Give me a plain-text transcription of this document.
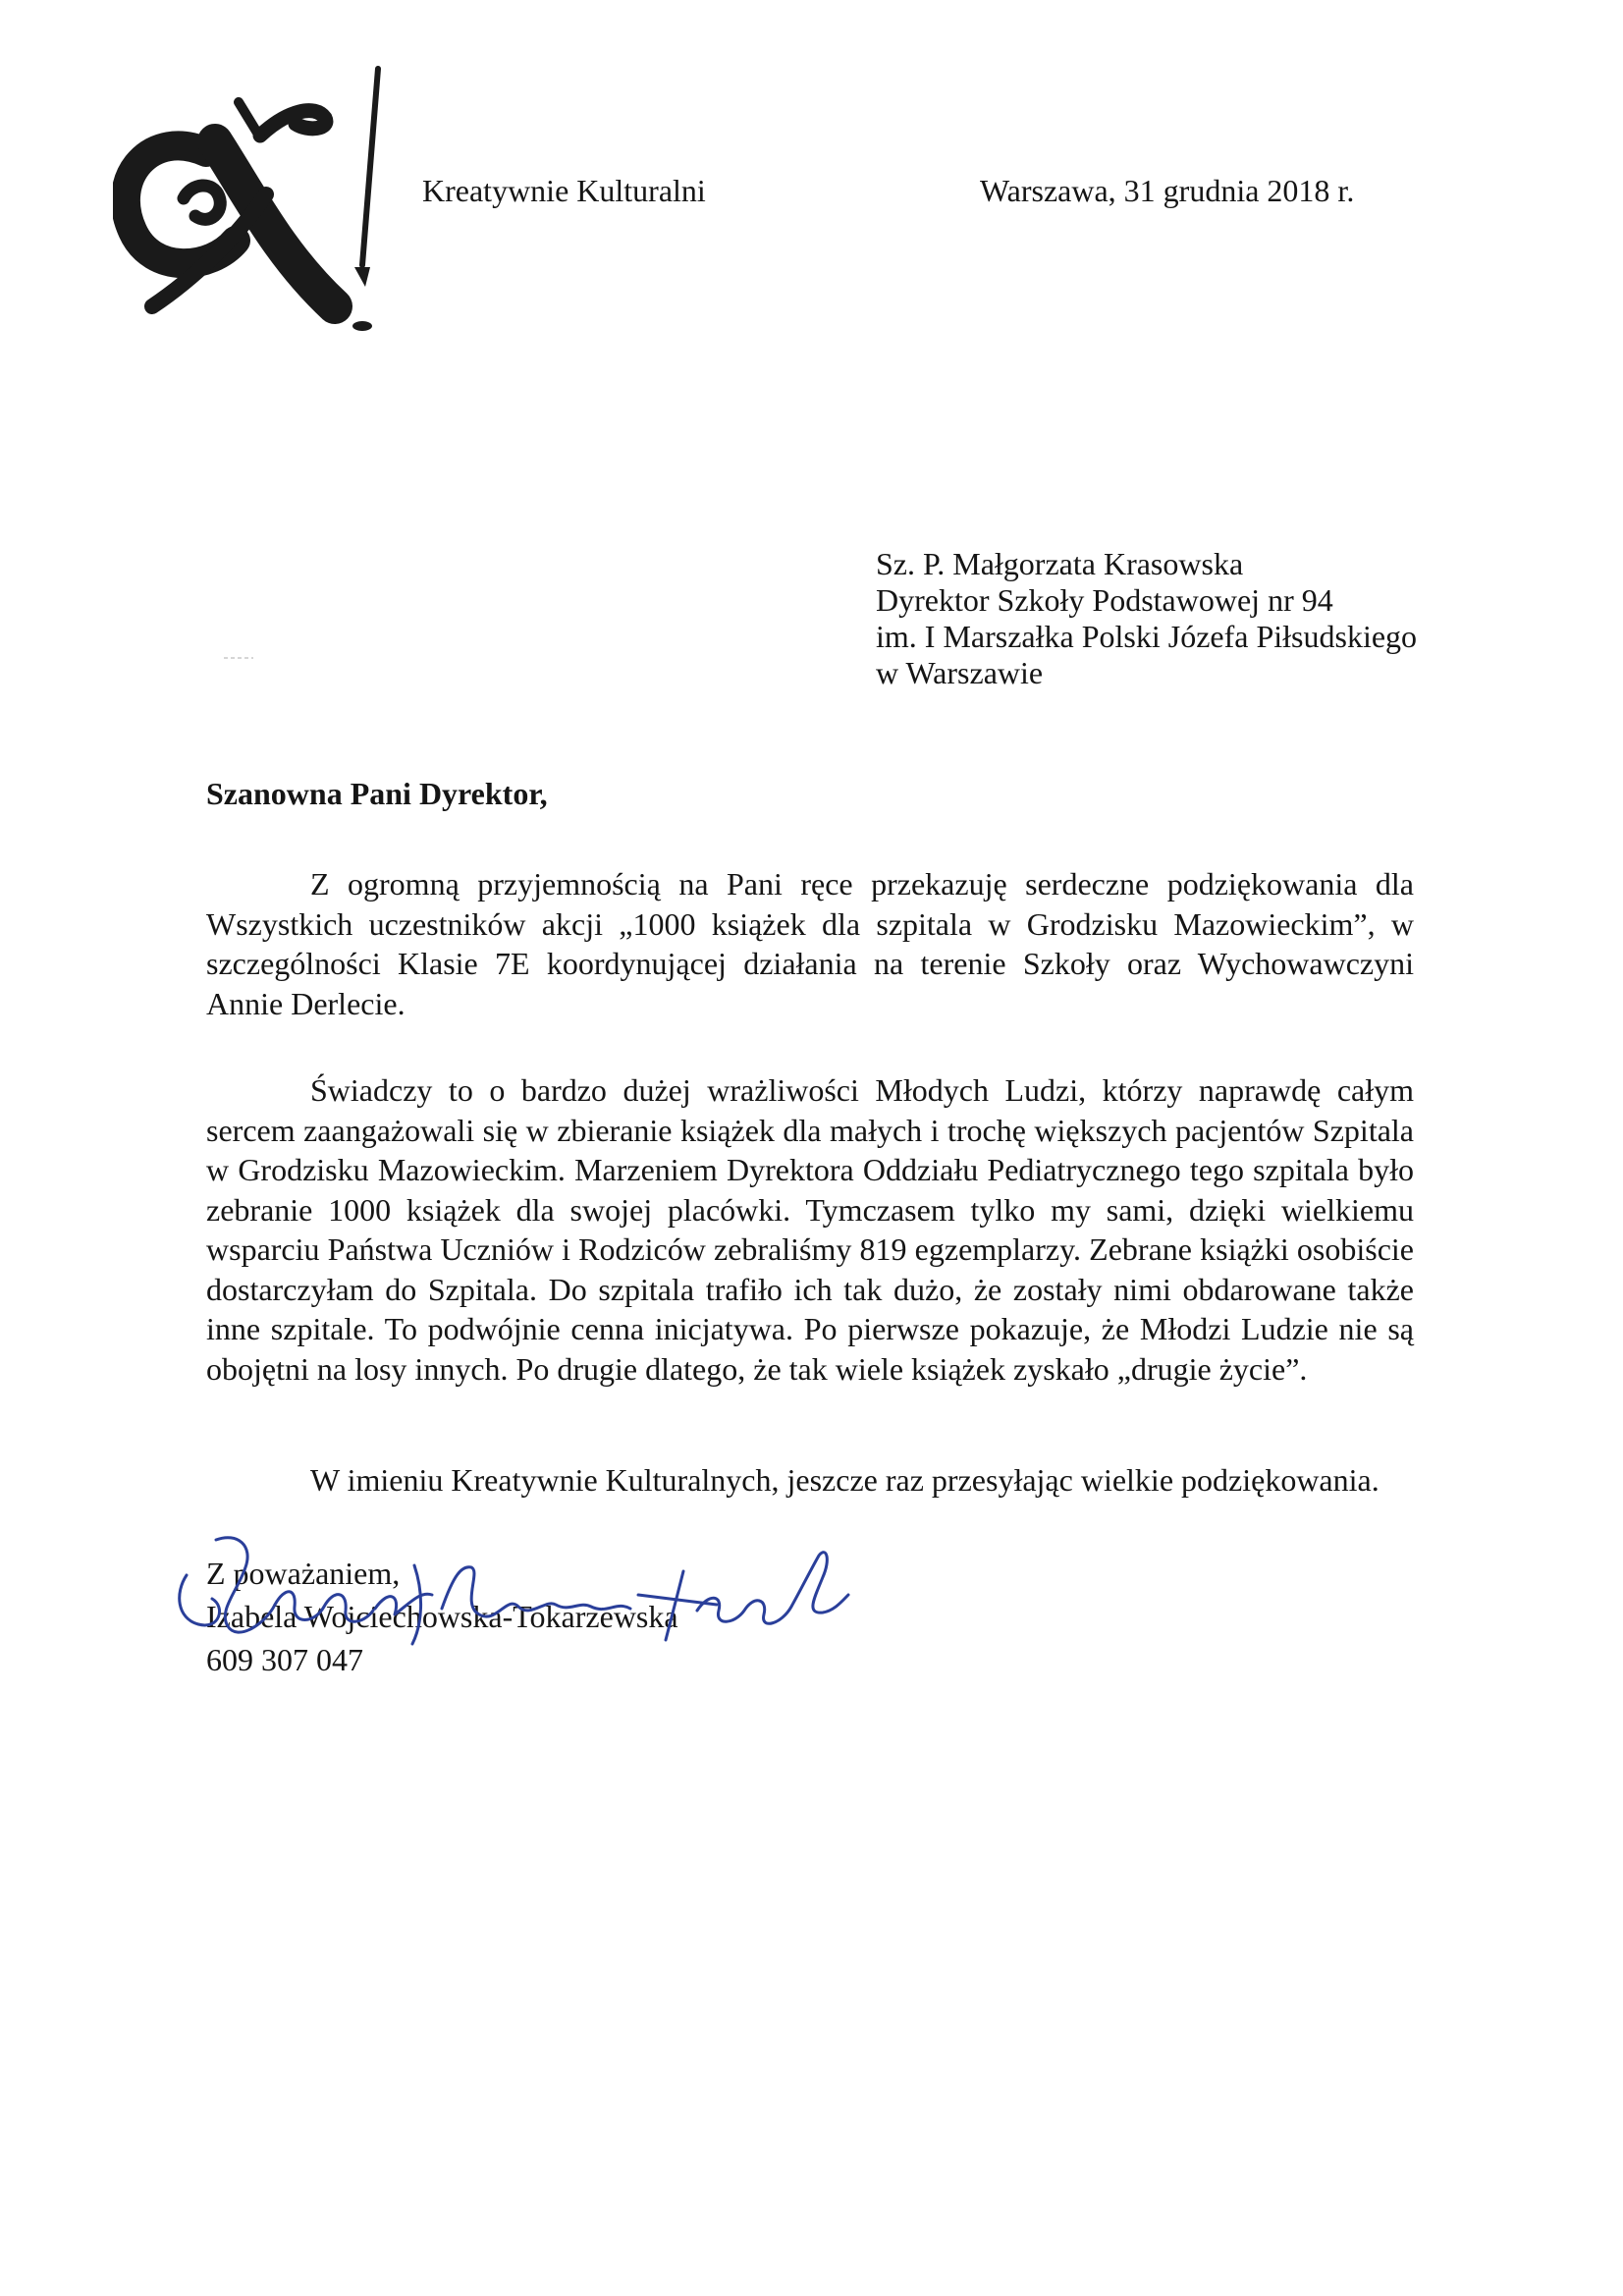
Kreatywnie Kulturalni	Warszawa, 31 grudnia 2018 r.
Sz. P. Małgorzata Krasowska
Dyrektor Szkoły Podstawowej nr 94
im. I Marszałka Polski Józefa Piłsudskiego
w Warszawie
Szanowna Pani Dyrektor,

Z ogromną przyjemnością na Pani ręce przekazuję serdeczne podziękowania dla Wszystkich uczestników akcji „1000 książek dla szpitala w Grodzisku Mazowieckim”, w szczególności Klasie 7E koordynującej działania na terenie Szkoły oraz Wychowawczyni Annie Derlecie.

Świadczy to o bardzo dużej wrażliwości Młodych Ludzi, którzy naprawdę całym sercem zaangażowali się w zbieranie książek dla małych i trochę większych pacjentów Szpitala w Grodzisku Mazowieckim. Marzeniem Dyrektora Oddziału Pediatrycznego tego szpitala było zebranie 1000 książek dla swojej placówki. Tymczasem tylko my sami, dzięki wielkiemu wsparciu Państwa Uczniów i Rodziców zebraliśmy 819 egzemplarzy. Zebrane książki osobiście dostarczyłam do Szpitala. Do szpitala trafiło ich tak dużo, że zostały nimi obdarowane także inne szpitale. To podwójnie cenna inicjatywa. Po pierwsze pokazuje, że Młodzi Ludzie nie są obojętni na losy innych. Po drugie dlatego, że tak wiele książek zyskało „drugie życie”.

W imieniu Kreatywnie Kulturalnych, jeszcze raz przesyłając wielkie podziękowania.

Z poważaniem,
Izabela Wojciechowska-Tokarzewska
609 307 047
